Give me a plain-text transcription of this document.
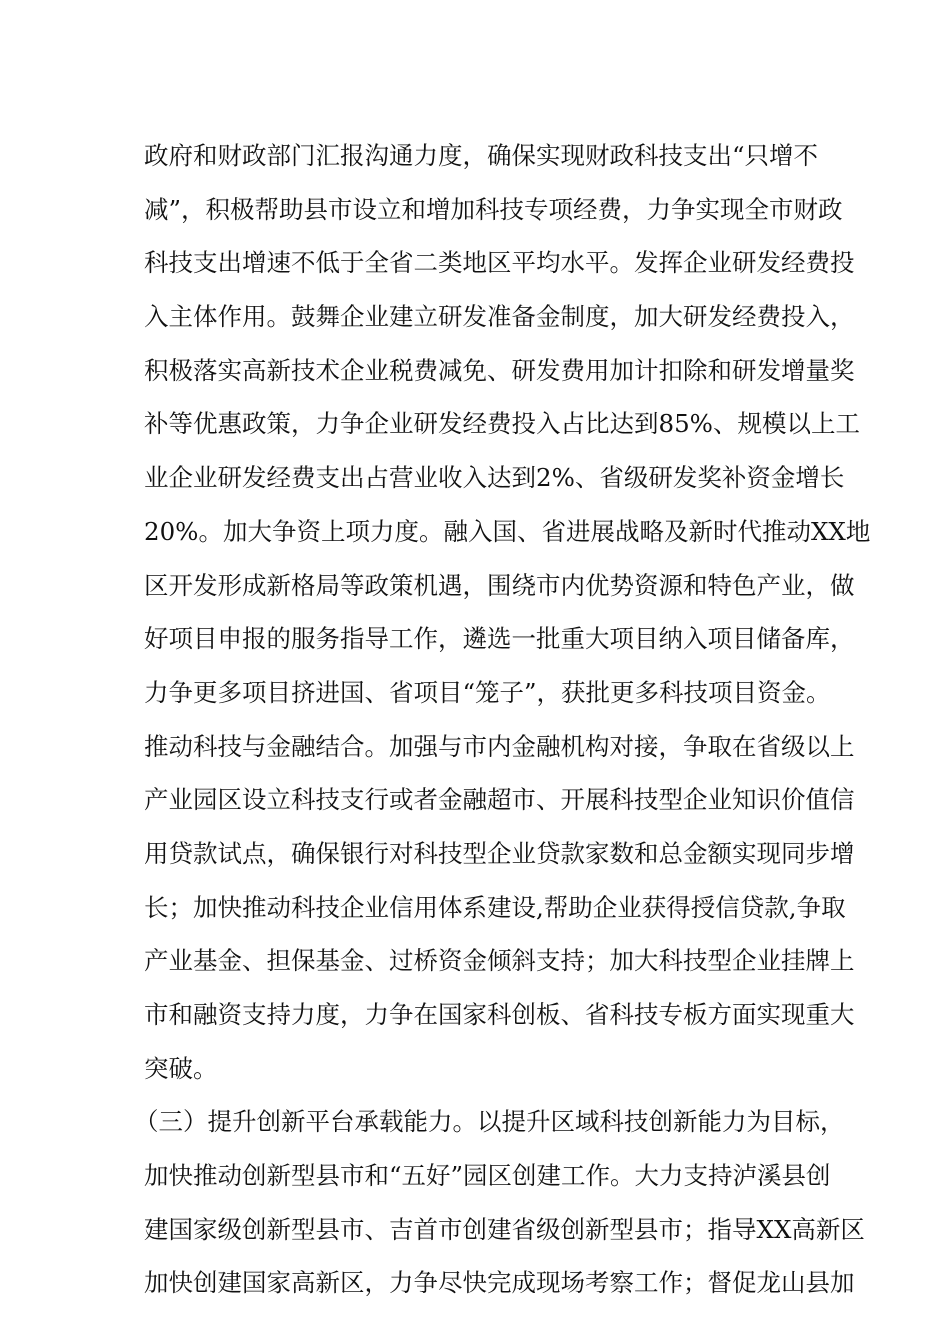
政府和财政部门汇报沟通力度，确保实现财政科技支出“只增不
减”，积极帮助县市设立和增加科技专项经费，力争实现全市财政
科技支出增速不低于全省二类地区平均水平。发挥企业研发经费投
入主体作用。鼓舞企业建立研发准备金制度，加大研发经费投入，
积极落实高新技术企业税费减免、研发费用加计扣除和研发增量奖
补等优惠政策，力争企业研发经费投入占比达到85%、规模以上工
业企业研发经费支出占营业收入达到2%、省级研发奖补资金增长
20%。加大争资上项力度。融入国、省进展战略及新时代推动XX地
区开发形成新格局等政策机遇，围绕市内优势资源和特色产业，做
好项目申报的服务指导工作，遴选一批重大项目纳入项目储备库，
力争更多项目挤进国、省项目“笼子”，获批更多科技项目资金。
推动科技与金融结合。加强与市内金融机构对接，争取在省级以上
产业园区设立科技支行或者金融超市、开展科技型企业知识价值信
用贷款试点，确保银行对科技型企业贷款家数和总金额实现同步增
长；加快推动科技企业信用体系建设,帮助企业获得授信贷款,争取
产业基金、担保基金、过桥资金倾斜支持；加大科技型企业挂牌上
市和融资支持力度，力争在国家科创板、省科技专板方面实现重大
突破。
（三）提升创新平台承载能力。以提升区域科技创新能力为目标，
加快推动创新型县市和“五好”园区创建工作。大力支持泸溪县创
建国家级创新型县市、吉首市创建省级创新型县市；指导XX高新区
加快创建国家高新区，力争尽快完成现场考察工作；督促龙山县加
